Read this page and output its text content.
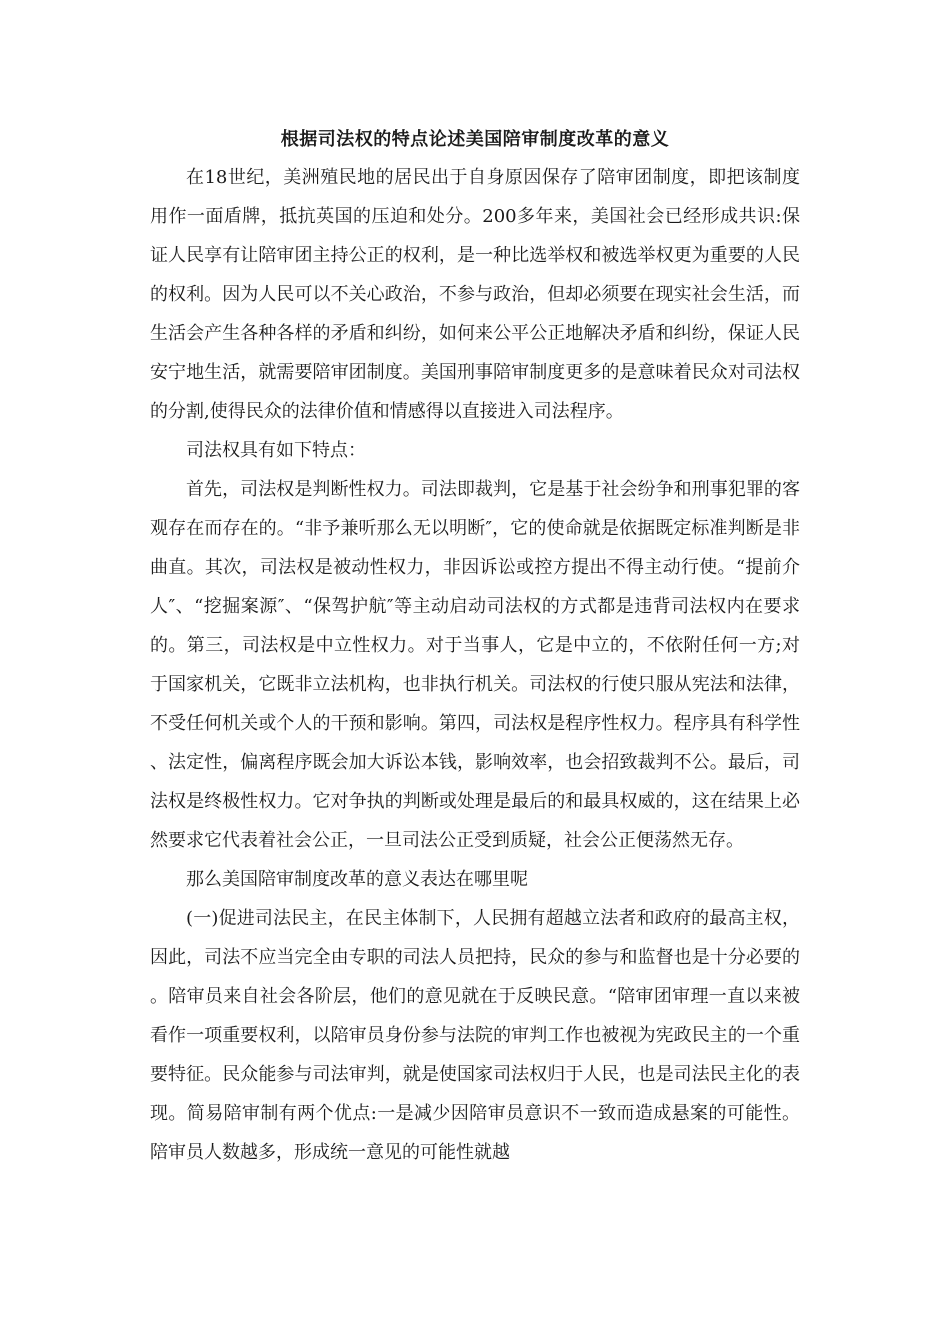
根据司法权的特点论述美国陪审制度改革的意义

在18世纪，美洲殖民地的居民出于自身原因保存了陪审团制度，即把该制度用作一面盾牌，抵抗英国的压迫和处分。200多年来，美国社会已经形成共识:保证人民享有让陪审团主持公正的权利，是一种比选举权和被选举权更为重要的人民的权利。因为人民可以不关心政治，不参与政治，但却必须要在现实社会生活，而生活会产生各种各样的矛盾和纠纷，如何来公平公正地解决矛盾和纠纷，保证人民安宁地生活，就需要陪审团制度。美国刑事陪审制度更多的是意味着民众对司法权的分割,使得民众的法律价值和情感得以直接进入司法程序。

司法权具有如下特点：

首先，司法权是判断性权力。司法即裁判，它是基于社会纷争和刑事犯罪的客观存在而存在的。“非予兼听那么无以明断″，它的使命就是依据既定标准判断是非曲直。其次，司法权是被动性权力，非因诉讼或控方提出不得主动行使。“提前介人″、“挖掘案源″、“保驾护航″等主动启动司法权的方式都是违背司法权内在要求的。第三，司法权是中立性权力。对于当事人，它是中立的，不依附任何一方;对于国家机关，它既非立法机构，也非执行机关。司法权的行使只服从宪法和法律，不受任何机关或个人的干预和影响。第四，司法权是程序性权力。程序具有科学性、法定性，偏离程序既会加大诉讼本钱，影响效率，也会招致裁判不公。最后，司法权是终极性权力。它对争执的判断或处理是最后的和最具权威的，这在结果上必然要求它代表着社会公正，一旦司法公正受到质疑，社会公正便荡然无存。

那么美国陪审制度改革的意义表达在哪里呢

(一)促进司法民主，在民主体制下，人民拥有超越立法者和政府的最高主权，因此，司法不应当完全由专职的司法人员把持，民众的参与和监督也是十分必要的。陪审员来自社会各阶层，他们的意见就在于反映民意。“陪审团审理一直以来被看作一项重要权利，以陪审员身份参与法院的审判工作也被视为宪政民主的一个重要特征。民众能参与司法审判，就是使国家司法权归于人民，也是司法民主化的表现。简易陪审制有两个优点:一是减少因陪审员意识不一致而造成悬案的可能性。陪审员人数越多，形成统一意见的可能性就越
